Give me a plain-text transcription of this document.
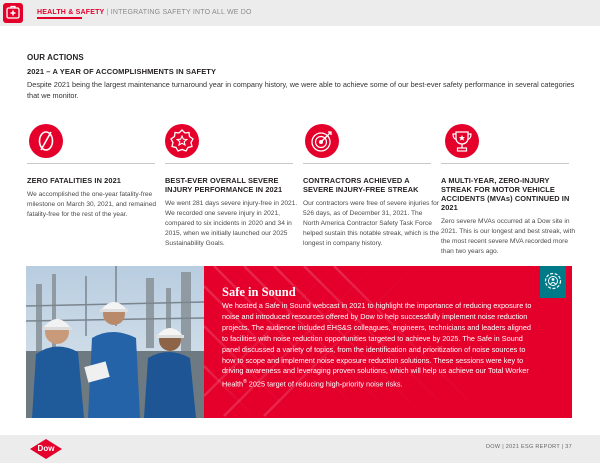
HEALTH & SAFETY | INTEGRATING SAFETY INTO ALL WE DO
OUR ACTIONS
2021 – A YEAR OF ACCOMPLISHMENTS IN SAFETY
Despite 2021 being the largest maintenance turnaround year in company history, we were able to achieve some of our best-ever safety performance in several categories that we monitor.
ZERO FATALITIES IN 2021
We accomplished the one-year fatality-free milestone on March 30, 2021, and remained fatality-free for the rest of the year.
BEST-EVER OVERALL SEVERE INJURY PERFORMANCE IN 2021
We went 281 days severe injury-free in 2021. We recorded one severe injury in 2021, compared to six incidents in 2020 and 34 in 2015, when we initially launched our 2025 Sustainability Goals.
CONTRACTORS ACHIEVED A SEVERE INJURY-FREE STREAK
Our contractors were free of severe injuries for 526 days, as of December 31, 2021. The North America Contractor Safety Task Force helped sustain this notable streak, which is the longest in company history.
A MULTI-YEAR, ZERO-INJURY STREAK FOR MOTOR VEHICLE ACCIDENTS (MVAs) CONTINUED IN 2021
Zero severe MVAs occurred at a Dow site in 2021. This is our longest and best streak, with the most recent severe MVA recorded more than two years ago.
Safe in Sound
We hosted a Safe in Sound webcast in 2021 to highlight the importance of reducing exposure to noise and introduced resources offered by Dow to help successfully implement noise reduction projects. The audience included EHS&S colleagues, engineers, technicians and leaders aligned to facilities with noise reduction opportunities targeted to achieve by 2025. The Safe in Sound panel discussed a variety of topics, from the identification and prioritization of noise sources to how to scope and implement noise exposure reduction solutions. These sessions were key to driving awareness and leveraging proven solutions, which will help us achieve our Total Worker Health® 2025 target of reducing high-priority noise risks.
Dow	DOW | 2021 ESG REPORT | 37
